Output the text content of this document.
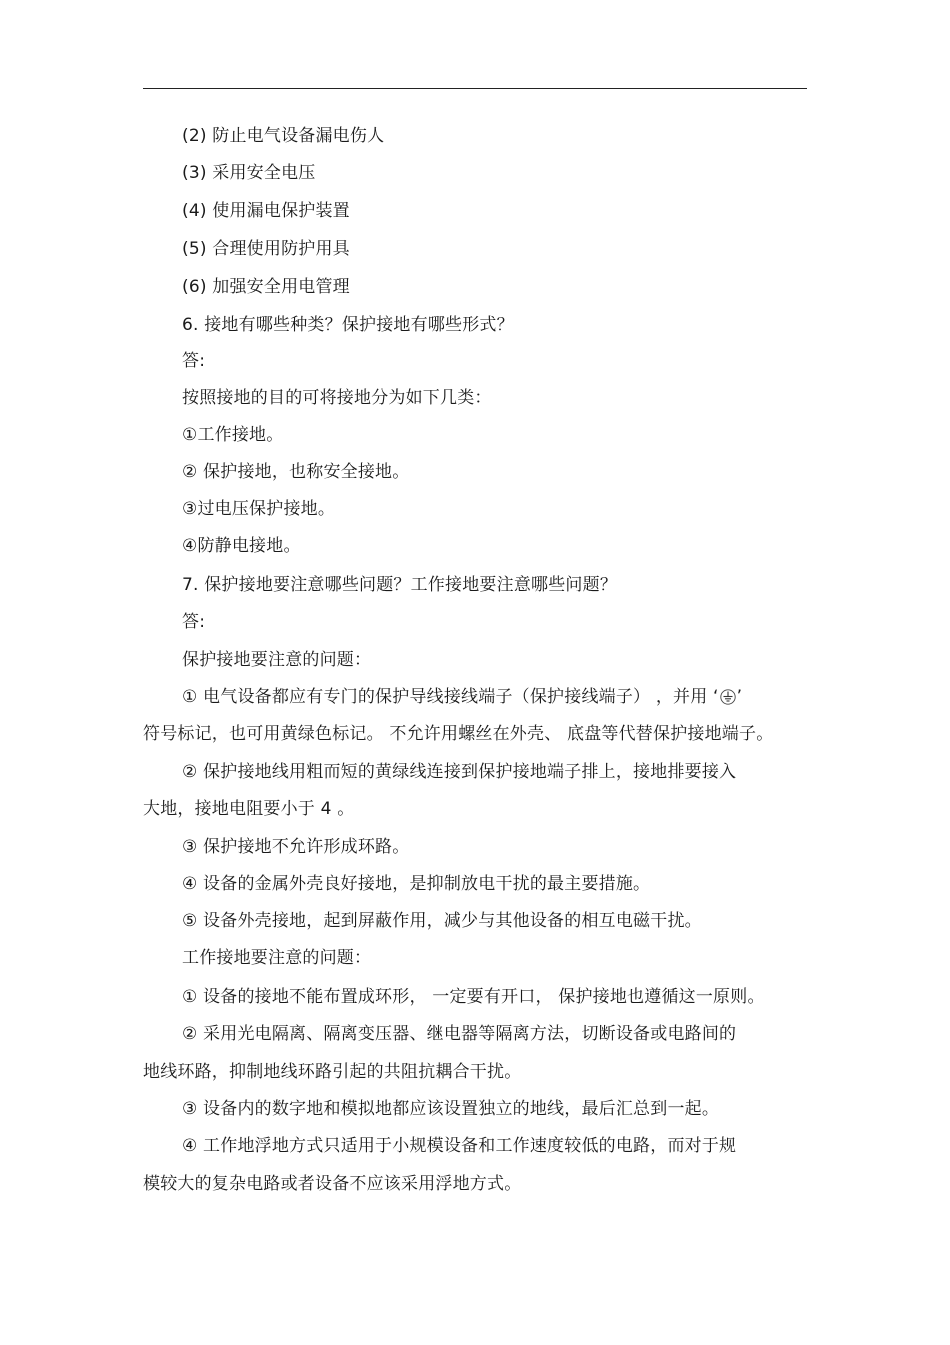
(2) 防止电气设备漏电伤人
(3) 采用安全电压
(4) 使用漏电保护装置
(5) 合理使用防护用具
(6) 加强安全用电管理
6. 接地有哪些种类？保护接地有哪些形式？
答:
按照接地的目的可将接地分为如下几类：
①工作接地。
② 保护接地，也称安全接地。
③过电压保护接地。
④防静电接地。
7. 保护接地要注意哪些问题？工作接地要注意哪些问题？
答:
保护接地要注意的问题：
① 电气设备都应有专门的保护导线接线端子（保护接线端子） ，并用 ‘ ’
符号标记，也可用黄绿色标记。 不允许用螺丝在外壳、 底盘等代替保护接地端子。
② 保护接地线用粗而短的黄绿线连接到保护接地端子排上，接地排要接入
大地，接地电阻要小于 4 。
③ 保护接地不允许形成环路。
④ 设备的金属外壳良好接地，是抑制放电干扰的最主要措施。
⑤ 设备外壳接地，起到屏蔽作用，减少与其他设备的相互电磁干扰。
工作接地要注意的问题：
① 设备的接地不能布置成环形， 一定要有开口， 保护接地也遵循这一原则。
② 采用光电隔离、隔离变压器、继电器等隔离方法，切断设备或电路间的
地线环路，抑制地线环路引起的共阻抗耦合干扰。
③ 设备内的数字地和模拟地都应该设置独立的地线，最后汇总到一起。
④ 工作地浮地方式只适用于小规模设备和工作速度较低的电路，而对于规
模较大的复杂电路或者设备不应该采用浮地方式。
